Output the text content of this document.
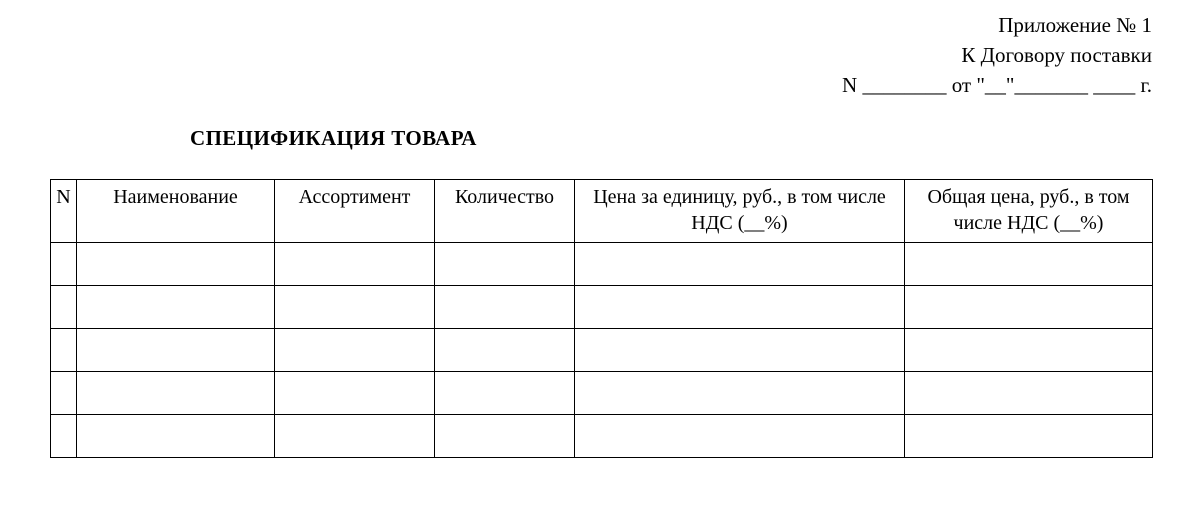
Приложение № 1
К Договору поставки
N ________ от "__"_______ ____ г.
СПЕЦИФИКАЦИЯ ТОВАРА
N	Наименование	Ассортимент	Количество	Цена за единицу, руб., в том числе НДС (__%)	Общая цена, руб., в том числе НДС (__%)
